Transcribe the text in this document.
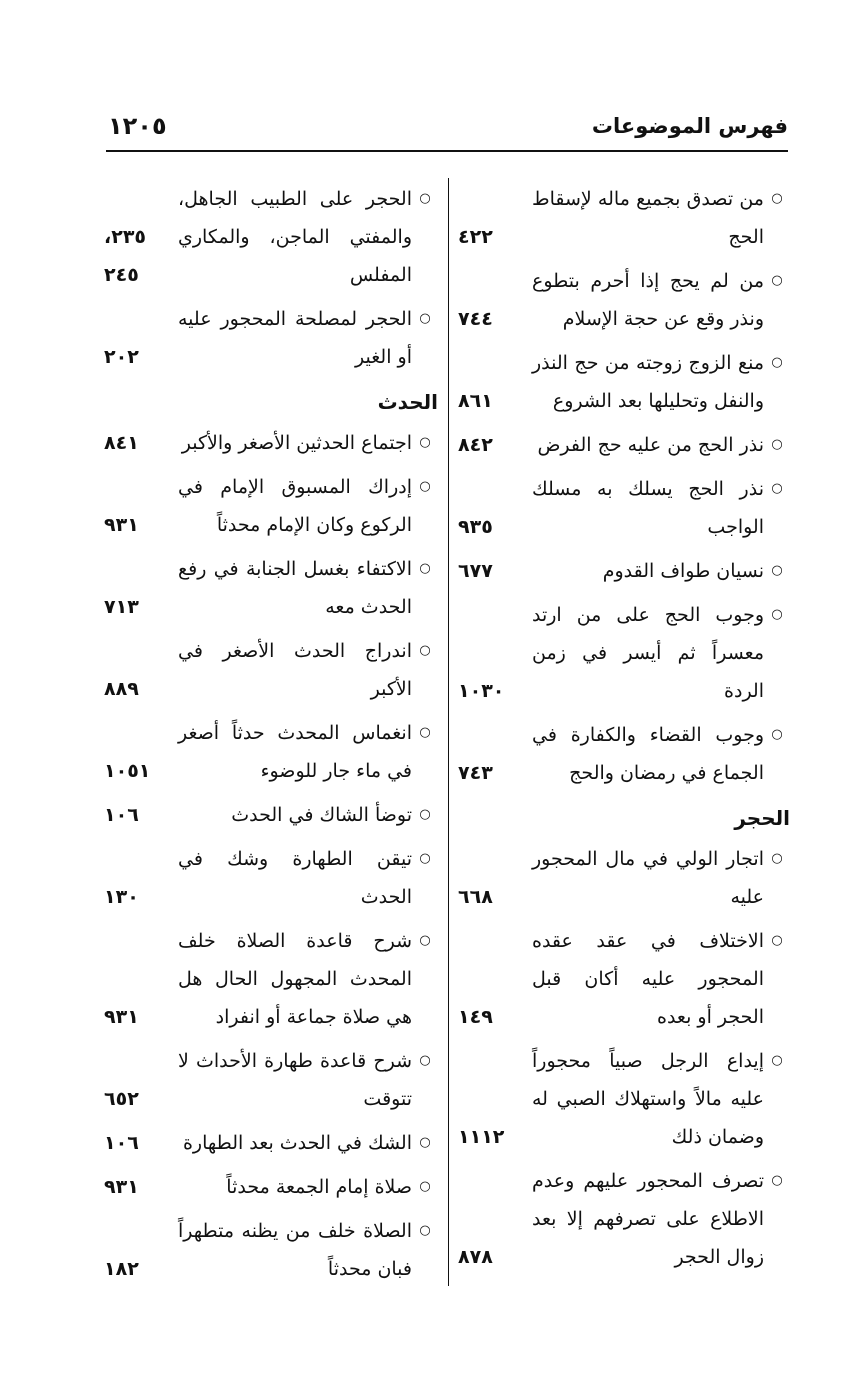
١٢٠٥	فهرس الموضوعات
○
من تصدق بجميع ماله لإسقاط الحج
٤٢٢
○
من لم يحج إذا أحرم بتطوع ونذر وقع عن حجة الإسلام
٧٤٤
○
منع الزوج زوجته من حج النذر والنفل وتحليلها بعد الشروع
٨٦١
○
نذر الحج من عليه حج الفرض
٨٤٢
○
نذر الحج يسلك به مسلك الواجب
٩٣٥
○
نسيان طواف القدوم
٦٧٧
○
وجوب الحج على من ارتد معسراً ثم أيسر في زمن الردة
١٠٣٠
○
وجوب القضاء والكفارة في الجماع في رمضان والحج
٧٤٣
الحجر
○
اتجار الولي في مال المحجور عليه
٦٦٨
○
الاختلاف في عقد عقده المحجور عليه أكان قبل الحجر أو بعده
١٤٩
○
إيداع الرجل صبياً محجوراً عليه مالاً واستهلاك الصبي له وضمان ذلك
١١١٢
○
تصرف المحجور عليهم وعدم الاطلاع على تصرفهم إلا بعد زوال الحجر
٨٧٨
○
الحجر على الطبيب الجاهل، والمفتي الماجن، والمكاري المفلس
٢٣٥، ٢٤٥
○
الحجر لمصلحة المحجور عليه أو الغير
٢٠٢
الحدث
○
اجتماع الحدثين الأصغر والأكبر
٨٤١
○
إدراك المسبوق الإمام في الركوع وكان الإمام محدثاً
٩٣١
○
الاكتفاء بغسل الجنابة في رفع الحدث معه
٧١٣
○
اندراج الحدث الأصغر في الأكبر
٨٨٩
○
انغماس المحدث حدثاً أصغر في ماء جار للوضوء
١٠٥١
○
توضأ الشاك في الحدث
١٠٦
○
تيقن الطهارة وشك في الحدث
١٣٠
○
شرح قاعدة الصلاة خلف المحدث المجهول الحال هل هي صلاة جماعة أو انفراد
٩٣١
○
شرح قاعدة طهارة الأحداث لا تتوقت
٦٥٢
○
الشك في الحدث بعد الطهارة
١٠٦
○
صلاة إمام الجمعة محدثاً
٩٣١
○
الصلاة خلف من يظنه متطهراً فبان محدثاً
١٨٢
